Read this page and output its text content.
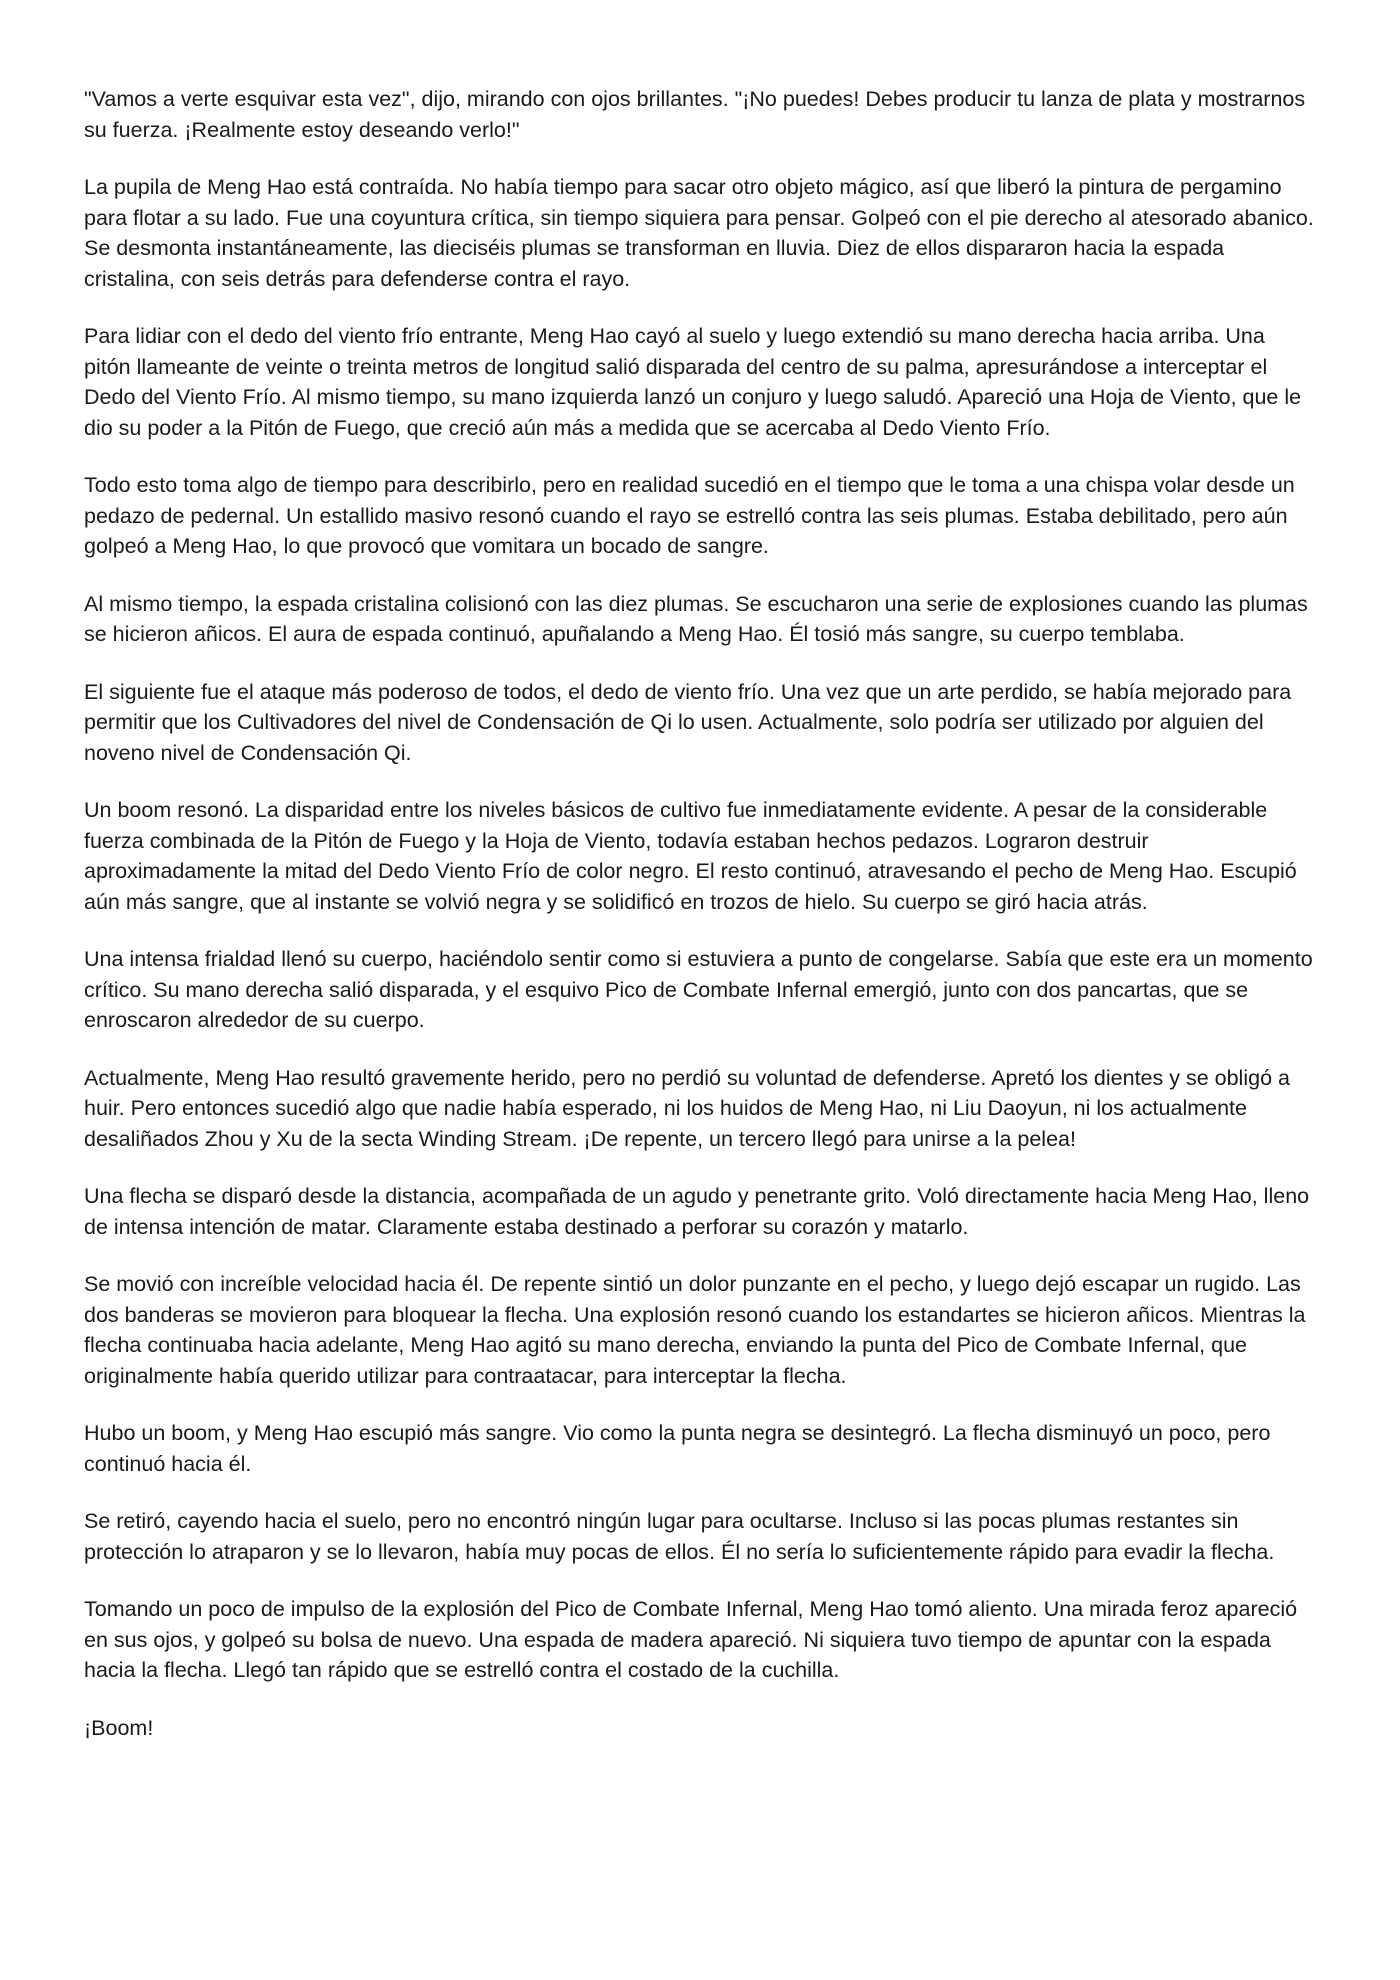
"Vamos a verte esquivar esta vez", dijo, mirando con ojos brillantes. "¡No puedes! Debes producir tu lanza de plata y mostrarnos su fuerza. ¡Realmente estoy deseando verlo!"

La pupila de Meng Hao está contraída. No había tiempo para sacar otro objeto mágico, así que liberó la pintura de pergamino para flotar a su lado. Fue una coyuntura crítica, sin tiempo siquiera para pensar. Golpeó con el pie derecho al atesorado abanico. Se desmonta instantáneamente, las dieciséis plumas se transforman en lluvia. Diez de ellos dispararon hacia la espada cristalina, con seis detrás para defenderse contra el rayo.

Para lidiar con el dedo del viento frío entrante, Meng Hao cayó al suelo y luego extendió su mano derecha hacia arriba. Una pitón llameante de veinte o treinta metros de longitud salió disparada del centro de su palma, apresurándose a interceptar el Dedo del Viento Frío. Al mismo tiempo, su mano izquierda lanzó un conjuro y luego saludó. Apareció una Hoja de Viento, que le dio su poder a la Pitón de Fuego, que creció aún más a medida que se acercaba al Dedo Viento Frío.

Todo esto toma algo de tiempo para describirlo, pero en realidad sucedió en el tiempo que le toma a una chispa volar desde un pedazo de pedernal. Un estallido masivo resonó cuando el rayo se estrelló contra las seis plumas. Estaba debilitado, pero aún golpeó a Meng Hao, lo que provocó que vomitara un bocado de sangre.

Al mismo tiempo, la espada cristalina colisionó con las diez plumas. Se escucharon una serie de explosiones cuando las plumas se hicieron añicos. El aura de espada continuó, apuñalando a Meng Hao. Él tosió más sangre, su cuerpo temblaba.

El siguiente fue el ataque más poderoso de todos, el dedo de viento frío. Una vez que un arte perdido, se había mejorado para permitir que los Cultivadores del nivel de Condensación de Qi lo usen. Actualmente, solo podría ser utilizado por alguien del noveno nivel de Condensación Qi.

Un boom resonó. La disparidad entre los niveles básicos de cultivo fue inmediatamente evidente. A pesar de la considerable fuerza combinada de la Pitón de Fuego y la Hoja de Viento, todavía estaban hechos pedazos. Lograron destruir aproximadamente la mitad del Dedo Viento Frío de color negro. El resto continuó, atravesando el pecho de Meng Hao. Escupió aún más sangre, que al instante se volvió negra y se solidificó en trozos de hielo. Su cuerpo se giró hacia atrás.

Una intensa frialdad llenó su cuerpo, haciéndolo sentir como si estuviera a punto de congelarse. Sabía que este era un momento crítico. Su mano derecha salió disparada, y el esquivo Pico de Combate Infernal emergió, junto con dos pancartas, que se enroscaron alrededor de su cuerpo.

Actualmente, Meng Hao resultó gravemente herido, pero no perdió su voluntad de defenderse. Apretó los dientes y se obligó a huir. Pero entonces sucedió algo que nadie había esperado, ni los huidos de Meng Hao, ni Liu Daoyun, ni los actualmente desaliñados Zhou y Xu de la secta Winding Stream. ¡De repente, un tercero llegó para unirse a la pelea!

Una flecha se disparó desde la distancia, acompañada de un agudo y penetrante grito. Voló directamente hacia Meng Hao, lleno de intensa intención de matar. Claramente estaba destinado a perforar su corazón y matarlo.

Se movió con increíble velocidad hacia él. De repente sintió un dolor punzante en el pecho, y luego dejó escapar un rugido. Las dos banderas se movieron para bloquear la flecha. Una explosión resonó cuando los estandartes se hicieron añicos. Mientras la flecha continuaba hacia adelante, Meng Hao agitó su mano derecha, enviando la punta del Pico de Combate Infernal, que originalmente había querido utilizar para contraatacar, para interceptar la flecha.

Hubo un boom, y Meng Hao escupió más sangre. Vio como la punta negra se desintegró. La flecha disminuyó un poco, pero continuó hacia él.

Se retiró, cayendo hacia el suelo, pero no encontró ningún lugar para ocultarse. Incluso si las pocas plumas restantes sin protección lo atraparon y se lo llevaron, había muy pocas de ellos. Él no sería lo suficientemente rápido para evadir la flecha.

Tomando un poco de impulso de la explosión del Pico de Combate Infernal, Meng Hao tomó aliento. Una mirada feroz apareció en sus ojos, y golpeó su bolsa de nuevo. Una espada de madera apareció. Ni siquiera tuvo tiempo de apuntar con la espada hacia la flecha. Llegó tan rápido que se estrelló contra el costado de la cuchilla.

¡Boom!
